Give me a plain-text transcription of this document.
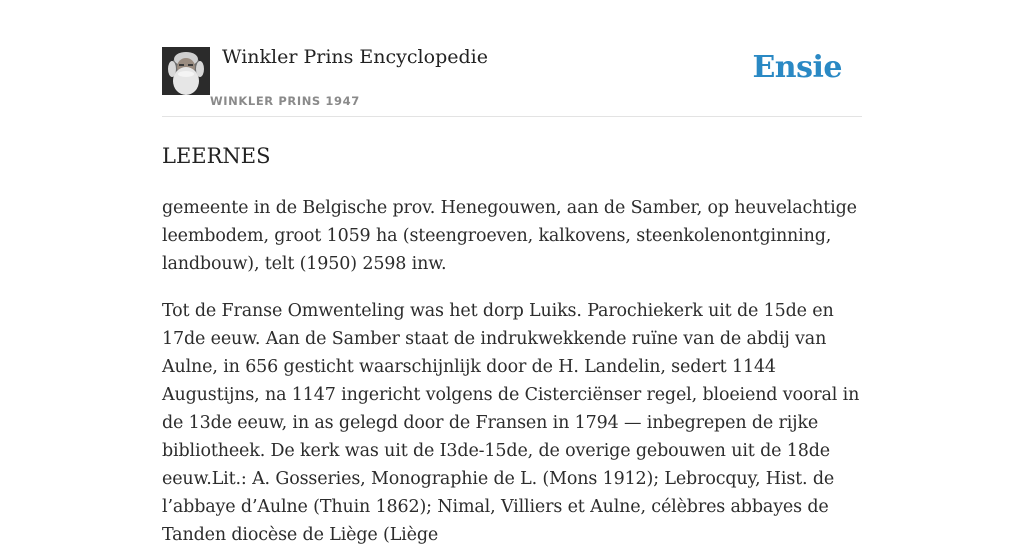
Winkler Prins Encyclopedie
WINKLER PRINS 1947
Ensie
LEERNES

gemeente in de Belgische prov. Henegouwen, aan de Samber, op heuvelachtige leembodem, groot 1059 ha (steengroeven, kalkovens, steenkolenontginning, landbouw), telt (1950) 2598 inw.

Tot de Franse Omwenteling was het dorp Luiks. Parochiekerk uit de 15de en 17de eeuw. Aan de Samber staat de indrukwekkende ruïne van de abdij van Aulne, in 656 gesticht waarschijnlijk door de H. Landelin, sedert 1144 Augustijns, na 1147 ingericht volgens de Cisterciënser regel, bloeiend vooral in de 13de eeuw, in as gelegd door de Fransen in 1794 — inbegrepen de rijke bibliotheek. De kerk was uit de I3de-15de, de overige gebouwen uit de 18de eeuw.Lit.: A. Gosseries, Monographie de L. (Mons 1912); Lebrocquy, Hist. de l’abbaye d’Aulne (Thuin 1862); Nimal, Villiers et Aulne, célèbres abbayes de Tanden diocèse de Liège (Liège
